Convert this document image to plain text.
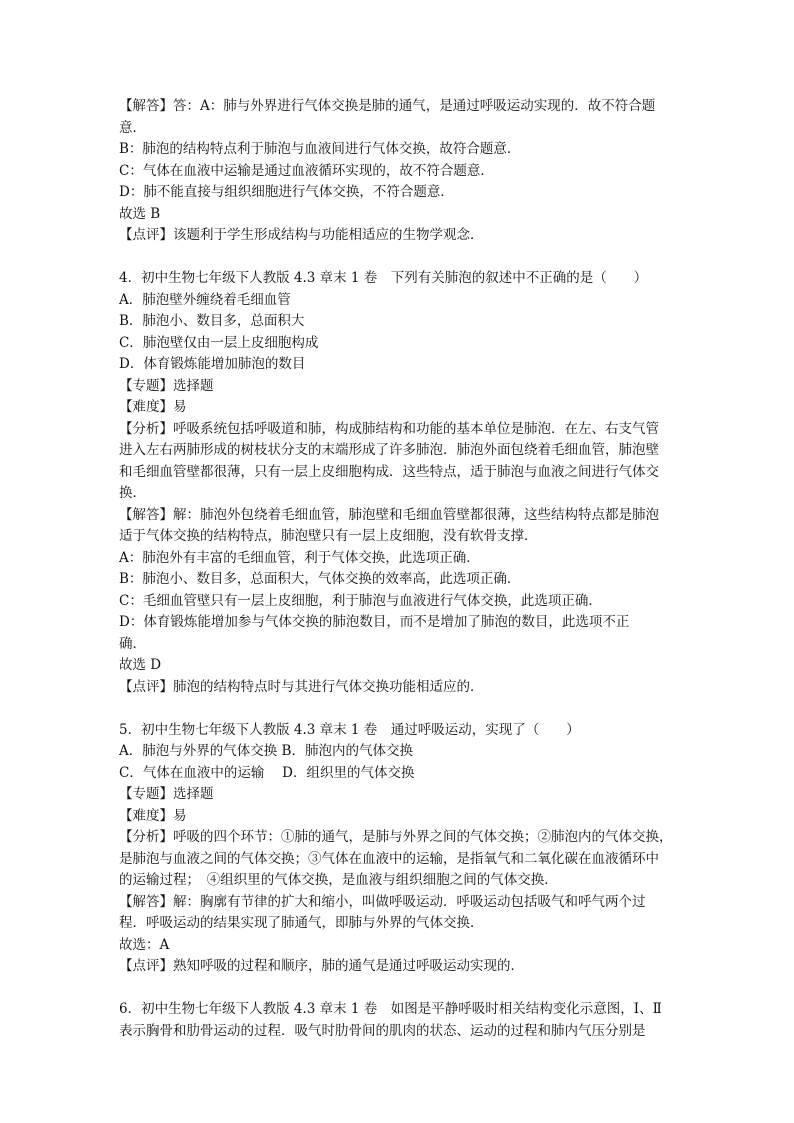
【解答】答：A：肺与外界进行气体交换是肺的通气，是通过呼吸运动实现的．故不符合题
意．
B：肺泡的结构特点利于肺泡与血液间进行气体交换，故符合题意．
C：气体在血液中运输是通过血液循环实现的，故不符合题意．
D：肺不能直接与组织细胞进行气体交换，不符合题意．
故选 B
【点评】该题利于学生形成结构与功能相适应的生物学观念．
4．初中生物七年级下人教版 4.3 章末 1 卷　下列有关肺泡的叙述中不正确的是（　　）
A．肺泡壁外缠绕着毛细血管
B．肺泡小、数目多，总面积大
C．肺泡壁仅由一层上皮细胞构成
D．体育锻炼能增加肺泡的数目
【专题】选择题
【难度】易
【分析】呼吸系统包括呼吸道和肺，构成肺结构和功能的基本单位是肺泡．在左、右支气管
进入左右两肺形成的树枝状分支的末端形成了许多肺泡．肺泡外面包绕着毛细血管，肺泡壁
和毛细血管壁都很薄，只有一层上皮细胞构成．这些特点，适于肺泡与血液之间进行气体交
换．
【解答】解：肺泡外包绕着毛细血管，肺泡壁和毛细血管壁都很薄，这些结构特点都是肺泡
适于气体交换的结构特点，肺泡壁只有一层上皮细胞，没有软骨支撑．
A：肺泡外有丰富的毛细血管，利于气体交换，此选项正确．
B：肺泡小、数目多，总面积大，气体交换的效率高，此选项正确．
C：毛细血管壁只有一层上皮细胞，利于肺泡与血液进行气体交换，此选项正确．
D：体育锻炼能增加参与气体交换的肺泡数目，而不是增加了肺泡的数目，此选项不正
确．
故选 D
【点评】肺泡的结构特点时与其进行气体交换功能相适应的．
5．初中生物七年级下人教版 4.3 章末 1 卷　通过呼吸运动，实现了（　　）
A．肺泡与外界的气体交换 B．肺泡内的气体交换
C．气体在血液中的运输　 D．组织里的气体交换
【专题】选择题
【难度】易
【分析】呼吸的四个环节：①肺的通气，是肺与外界之间的气体交换；②肺泡内的气体交换，
是肺泡与血液之间的气体交换；③气体在血液中的运输，是指氧气和二氧化碳在血液循环中
的运输过程；　④组织里的气体交换，是血液与组织细胞之间的气体交换．
【解答】解：胸廓有节律的扩大和缩小，叫做呼吸运动．呼吸运动包括吸气和呼气两个过
程．呼吸运动的结果实现了肺通气，即肺与外界的气体交换．
故选：A
【点评】熟知呼吸的过程和顺序，肺的通气是通过呼吸运动实现的．
6．初中生物七年级下人教版 4.3 章末 1 卷　如图是平静呼吸时相关结构变化示意图，Ⅰ、Ⅱ
表示胸骨和肋骨运动的过程．吸气时肋骨间的肌肉的状态、运动的过程和肺内气压分别是
